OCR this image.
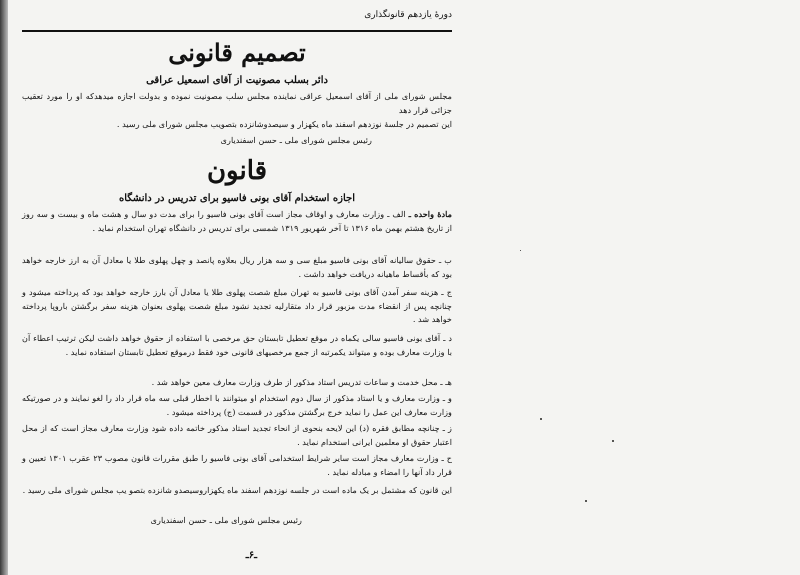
دورهٔ یازدهم قانونگذاری
تصمیم قانونی
دائر بسلب مصونیت از آقای اسمعیل عراقی
مجلس شورای ملی از آقای اسمعیل عراقی نماینده مجلس سلب مصونیت نموده و بدولت اجازه میدهدکه او را مورد تعقیب جزائی قرار دهد
این تصمیم در جلسهٔ نوزدهم اسفند ماه یکهزار و سیصدوشانزده بتصویب مجلس شورای ملی رسید .
رئیس مجلس شورای ملی ـ حسن اسفندیاری
قانون
اجازه استخدام آقای بونی فاسیو برای تدریس در دانشگاه
مادهٔ واحده ـ الف ـ وزارت معارف و اوقاف مجاز است آقای بونی فاسیو را برای مدت دو سال و هشت ماه و بیست و سه روز از تاریخ هشتم بهمن ماه ۱۳۱۶ تا آخر شهریور ۱۳۱۹ شمسی برای تدریس در دانشگاه تهران استخدام نماید .
ب ـ حقوق سالیانه آقای بونی فاسیو مبلغ سی و سه هزار ریال بعلاوه پانصد و چهل پهلوی طلا یا معادل آن به ارز خارجه خواهد بود که بأقساط ماهیانه دریافت خواهد داشت .
ج ـ هزینه سفر آمدن آقای بونی فاسیو به تهران مبلغ شصت پهلوی طلا یا معادل آن بارز خارجه خواهد بود که پرداخته میشود و چنانچه پس از انقضاء مدت مزبور قرار داد متقارلیه تجدید نشود مبلغ شصت پهلوی بعنوان هزینه سفر برگشتن باروپا پرداخته خواهد شد .
د ـ آقای بونی فاسیو سالی یکماه در موقع تعطیل تابستان حق مرخصی با استفاده از حقوق خواهد داشت لیکن ترتیب اعطاء آن با وزارت معارف بوده و میتواند یکمرتبه از جمع مرخصیهای قانونی خود فقط درموقع تعطیل تابستان استفاده نماید .
هـ ـ محل خدمت و ساعات تدریس استاد مذکور از طرف وزارت معارف معین خواهد شد .
و ـ وزارت معارف و یا استاد مذکور از سال دوم استخدام او میتوانند با اخطار قبلی سه ماه قرار داد را لغو نمایند و در صورتیکه وزارت معارف این عمل را نماید خرج برگشتن مذکور در قسمت (ج) پرداخته میشود .
ز ـ چنانچه مطابق فقره (د) این لایحه بنحوی از انحاء تجدید استاد مذکور خاتمه داده شود وزارت معارف مجاز است که از محل اعتبار حقوق او معلمین ایرانی استخدام نماید .
ح ـ وزارت معارف مجاز است سایر شرایط استخدامی آقای بونی فاسیو را طبق مقررات قانون مصوب ۲۳ عقرب ۱۳۰۱ تعیین و قرار داد آنها را امضاء و مبادله نماید .
این قانون که مشتمل بر یک ماده است در جلسه نوزدهم اسفند ماه یکهزاروسیصدو شانزده بتصو یب مجلس شورای ملی رسید .
رئیس مجلس شورای ملی ـ حسن اسفندیاری
ـ۶ـ
